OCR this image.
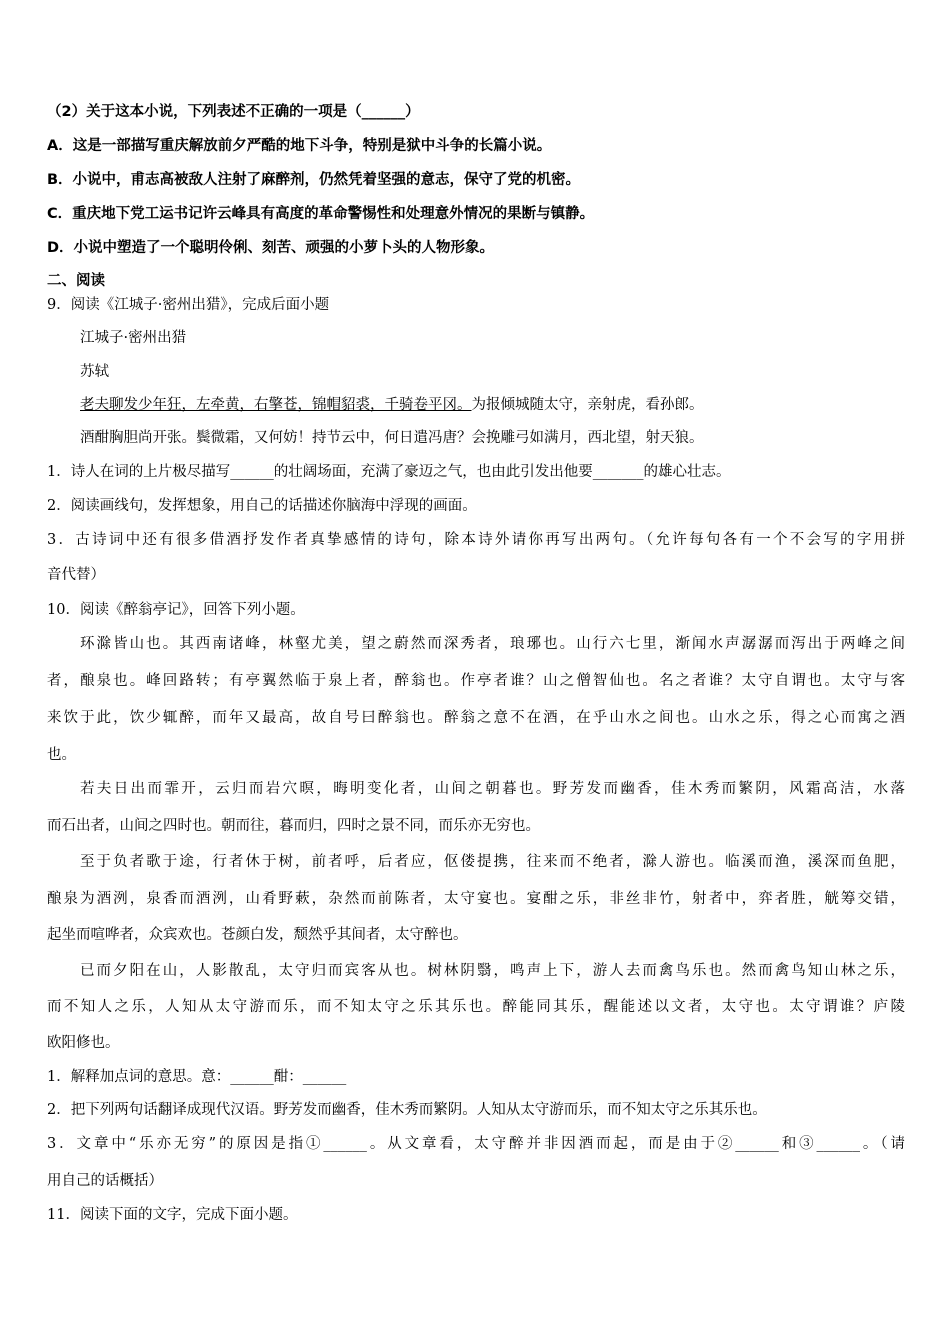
（2）关于这本小说，下列表述不正确的一项是（______）
A．这是一部描写重庆解放前夕严酷的地下斗争，特别是狱中斗争的长篇小说。
B．小说中，甫志高被敌人注射了麻醉剂，仍然凭着坚强的意志，保守了党的机密。
C．重庆地下党工运书记许云峰具有高度的革命警惕性和处理意外情况的果断与镇静。
D．小说中塑造了一个聪明伶俐、刻苦、顽强的小萝卜头的人物形象。
二、阅读
9．阅读《江城子·密州出猎》，完成后面小题
江城子·密州出猎
苏轼
老夫聊发少年狂，左牵黄，右擎苍，锦帽貂裘，千骑卷平冈。为报倾城随太守，亲射虎，看孙郎。
酒酣胸胆尚开张。鬓微霜，又何妨！持节云中，何日遣冯唐？会挽雕弓如满月，西北望，射天狼。
1．诗人在词的上片极尽描写______的壮阔场面，充满了豪迈之气，也由此引发出他要_______的雄心壮志。
2．阅读画线句，发挥想象，用自己的话描述你脑海中浮现的画面。
3．古诗词中还有很多借酒抒发作者真挚感情的诗句，除本诗外请你再写出两句。（允许每句各有一个不会写的字用拼
音代替）
10．阅读《醉翁亭记》，回答下列小题。
环滁皆山也。其西南诸峰，林壑尤美，望之蔚然而深秀者，琅琊也。山行六七里，渐闻水声潺潺而泻出于两峰之间
者，酿泉也。峰回路转；有亭翼然临于泉上者，醉翁也。作亭者谁？山之僧智仙也。名之者谁？太守自谓也。太守与客
来饮于此，饮少辄醉，而年又最高，故自号曰醉翁也。醉翁之意不在酒，在乎山水之间也。山水之乐，得之心而寓之酒
也。
若夫日出而霏开，云归而岩穴暝，晦明变化者，山间之朝暮也。野芳发而幽香，佳木秀而繁阴，风霜高洁，水落
而石出者，山间之四时也。朝而往，暮而归，四时之景不同，而乐亦无穷也。
至于负者歌于途，行者休于树，前者呼，后者应，伛偻提携，往来而不绝者，滁人游也。临溪而渔，溪深而鱼肥，
酿泉为酒洌，泉香而酒洌，山肴野蔌，杂然而前陈者，太守宴也。宴酣之乐，非丝非竹，射者中，弈者胜，觥筹交错，
起坐而喧哗者，众宾欢也。苍颜白发，颓然乎其间者，太守醉也。
已而夕阳在山，人影散乱，太守归而宾客从也。树林阴翳，鸣声上下，游人去而禽鸟乐也。然而禽鸟知山林之乐，
而不知人之乐，人知从太守游而乐，而不知太守之乐其乐也。醉能同其乐，醒能述以文者，太守也。太守谓谁？庐陵
欧阳修也。
1．解释加点词的意思。意：______酣：______
2．把下列两句话翻译成现代汉语。野芳发而幽香，佳木秀而繁阴。人知从太守游而乐，而不知太守之乐其乐也。
3．文章中“乐亦无穷”的原因是指①______。从文章看，太守醉并非因酒而起，而是由于②______和③______。（请
用自己的话概括）
11．阅读下面的文字，完成下面小题。
